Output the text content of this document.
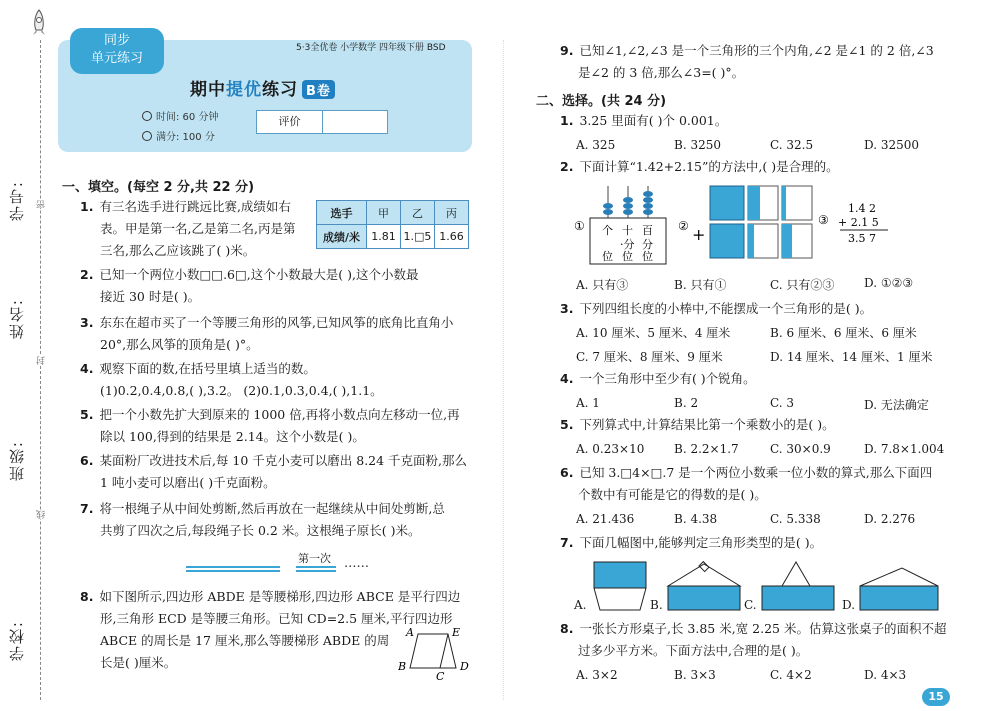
学号:
姓名:
班级:
学校:
密
封
线
同步
单元练习
5·3全优卷 小学数学 四年级下册 BSD
期中提优练习 B卷
时间: 60 分钟
满分: 100 分
评价
一、填空。(每空 2 分,共 22 分)
选手	甲	乙	丙
成绩/米	1.81	1.□5	1.66
1. 有三名选手进行跳远比赛,成绩如右
表。甲是第一名,乙是第二名,丙是第
三名,那么乙应该跳了( )米。
2. 已知一个两位小数□□.6□,这个小数最大是( ),这个小数最
接近 30 时是( )。
3. 东东在超市买了一个等腰三角形的风筝,已知风筝的底角比直角小
20°,那么风筝的顶角是( )°。
4. 观察下面的数,在括号里填上适当的数。
(1)0.2,0.4,0.8,( ),3.2。 (2)0.1,0.3,0.4,( ),1.1。
5. 把一个小数先扩大到原来的 1000 倍,再将小数点向左移动一位,再
除以 100,得到的结果是 2.14。这个小数是( )。
6. 某面粉厂改进技术后,每 10 千克小麦可以磨出 8.24 千克面粉,那么
1 吨小麦可以磨出( )千克面粉。
7. 将一根绳子从中间处剪断,然后再放在一起继续从中间处剪断,总
共剪了四次之后,每段绳子长 0.2 米。这根绳子原长( )米。
第一次 ……
8. 如下图所示,四边形 ABDE 是等腰梯形,四边形 ABCE 是平行四边
形,三角形 ECD 是等腰三角形。已知 CD=2.5 厘米,平行四边形
ABCE 的周长是 17 厘米,那么等腰梯形 ABDE 的周
长是( )厘米。
A	E
B	D
C
9. 已知∠1,∠2,∠3 是一个三角形的三个内角,∠2 是∠1 的 2 倍,∠3
是∠2 的 3 倍,那么∠3=( )°。
二、选择。(共 24 分)
1. 3.25 里面有( )个 0.001。
A. 325	B. 3250	C. 32.5	D. 32500
2. 下面计算“1.42+2.15”的方法中,( )是合理的。
① 个 十 百
位
·分
位
分
位
② +
③
1.4 2
+ 2.1 5
3.5 7
A. 只有③	B. 只有①	C. 只有②③ D. ①②③
3. 下列四组长度的小棒中,不能摆成一个三角形的是( )。
A. 10 厘米、5 厘米、4 厘米	B. 6 厘米、6 厘米、6 厘米
C. 7 厘米、8 厘米、9 厘米	D. 14 厘米、14 厘米、1 厘米
4. 一个三角形中至少有( )个锐角。
A. 1	B. 2	C. 3	D. 无法确定
5. 下列算式中,计算结果比第一个乘数小的是( )。
A. 0.23×10 B. 2.2×1.7	C. 30×0.9	D. 7.8×1.004
6. 已知 3.□4×□.7 是一个两位小数乘一位小数的算式,那么下面四
个数中有可能是它的得数的是( )。
A. 21.436	B. 4.38	C. 5.338	D. 2.276
7. 下面几幅图中,能够判定三角形类型的是( )。
A.	B.	C.	D.
8. 一张长方形桌子,长 3.85 米,宽 2.25 米。估算这张桌子的面积不超
过多少平方米。下面方法中,合理的是( )。
A. 3×2	B. 3×3	C. 4×2	D. 4×3
15
